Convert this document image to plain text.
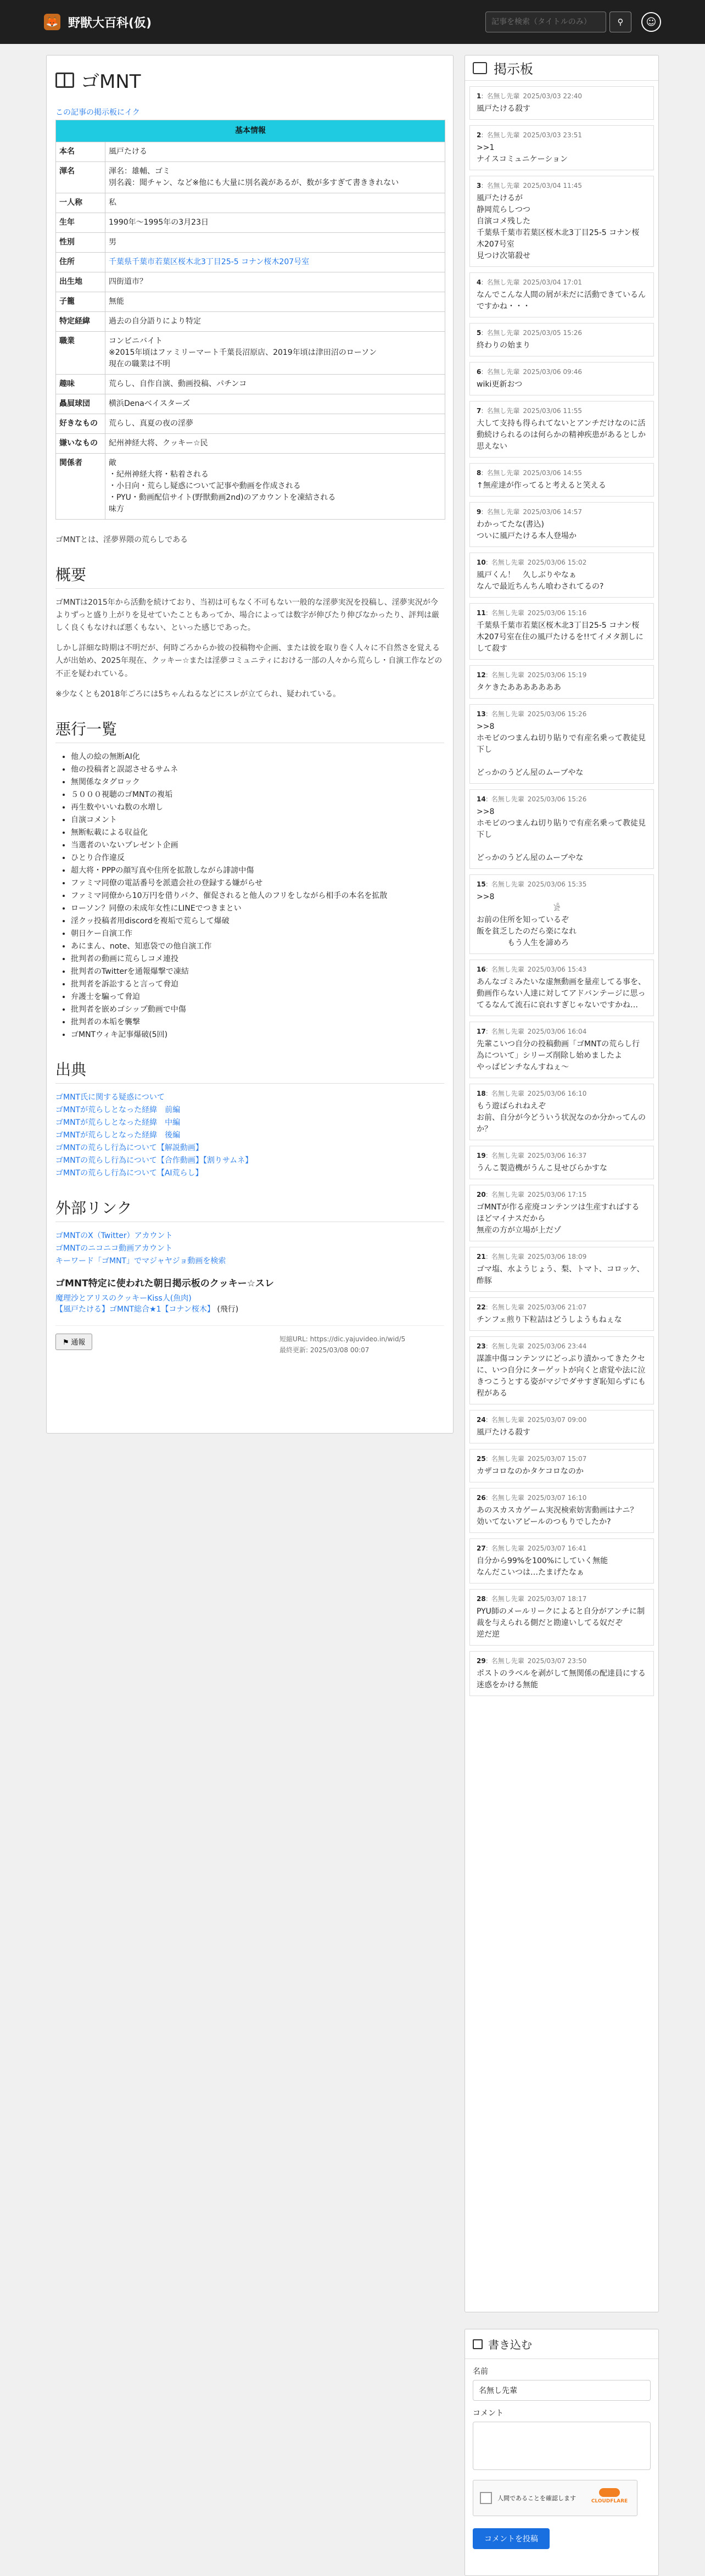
🦊 野獣大百科(仮)
記事を検索（タイトルのみ）	⚲	☺
ゴMNT
この記事の掲示板にイク
基本情報	
本名	風戸たける
渾名	渾名：雄輔、ゴミ
別名義：聞チャン、など※他にも大量に別名義があるが、数が多すぎて書ききれない
一人称	私
生年	1990年〜1995年の3月23日
性別	男
住所	千葉県千葉市若葉区桜木北3丁目25-5 コナン桜木207号室
出生地	四街道市？
子籠	無能
特定経緯	過去の自分語りにより特定
職業	コンビニバイト
※2015年頃はファミリーマート千葉長沼原店、2019年頃は津田沼のローソン
現在の職業は不明
趣味	荒らし、自作自演、動画投稿、パチンコ
贔屓球団	横浜Denaベイスターズ
好きなもの	荒らし、真夏の夜の淫夢
嫌いなもの	紀州神経大将、クッキー☆民
関係者	敵
・紀州神経大将・粘着される
・小日向・荒らし疑惑について記事や動画を作成される
・PYU・動画配信サイト(野獣動画2nd)のアカウントを凍結される
味方
ゴMNTとは、淫夢界隈の荒らしである
概要
ゴMNTは2015年から活動を続けており、当初は可もなく不可もない一般的な淫夢実況を投稿し、淫夢実況が今よりずっと盛り上がりを見せていたこともあってか、場合によっては数字が伸びたり伸びなかったり、評判は厳しく良くもなければ悪くもない、といった感じであった。
しかし詳細な時期は不明だが、何時ごろからか彼の投稿物や企画、または彼を取り巻く人々に不自然さを覚える人が出始め、2025年現在、クッキー☆または淫夢コミュニティにおける一部の人々から荒らし・自演工作などの不正を疑われている。
※少なくとも2018年ごろには5ちゃんねるなどにスレが立てられ、疑われている。
悪行一覧
• 他人の絵の無断AI化
• 他の投稿者と誤認させるサムネ
• 無関係なタグロック
• ５０００視聴のゴMNTの複垢
• 再生数やいいね数の水増し
• 自演コメント
• 無断転載による収益化
• 当選者のいないプレゼント企画
• ひとり合作違反
• 超大将・PPPの顔写真や住所を拡散しながら誹謗中傷
• ファミマ同僚の電話番号を派遣会社の登録する嫌がらせ
• ファミマ同僚から10万円を借りパク、催促されると他人のフリをしながら相手の本名を拡散
• ローソン？同僚の未成年女性にLINEでつきまとい
• 淫クッ投稿者用discordを複垢で荒らして爆破
• 朝日ケー自演工作
• あにまん、note、知恵袋での他自演工作
• 批判者の動画に荒らしコメ連投
• 批判者のTwitterを通報爆撃で凍結
• 批判者を訴訟すると言って脅迫
• 弁護士を騙って脅迫
• 批判者を嵌めゴシップ動画で中傷
• 批判者の本垢を襲撃
• ゴMNTウィキ記事爆破(5回)
出典
ゴMNT氏に関する疑惑について
ゴMNTが荒らしとなった経緯　前編
ゴMNTが荒らしとなった経緯　中編
ゴMNTが荒らしとなった経緯　後編
ゴMNTの荒らし行為について【解説動画】
ゴMNTの荒らし行為について【合作動画】【割りサムネ】
ゴMNTの荒らし行為について【AI荒らし】
外部リンク
ゴMNTのX（Twitter）アカウント
ゴMNTのニコニコ動画アカウント
キーワード「ゴMNT」でマジャヤジョ動画を検索
ゴMNT特定に使われた朝日掲示板のクッキー☆スレ
魔理沙とアリスのクッキーKiss人(魚肉)
【風戸たける】ゴMNT総合★1【コナン桜木】 (飛行)
⚑ 通報	短縮URL: https://dic.yajuvideo.in/wid/5
最終更新: 2025/03/08 00:07
掲示板
1: 名無し先輩 2025/03/03 22:40
風戸たける殺す
2: 名無し先輩 2025/03/03 23:51
>>1
ナイスコミュニケーション
3: 名無し先輩 2025/03/04 11:45
風戸たけるが
静岡荒らしつつ
自演コメ残した
千葉県千葉市若葉区桜木北3丁目25-5 コナン桜木207号室
見つけ次第殺せ
4: 名無し先輩 2025/03/04 17:01
なんでこんな人間の屑が未だに活動できているんですかね・・・
5: 名無し先輩 2025/03/05 15:26
終わりの始まり
6: 名無し先輩 2025/03/06 09:46
wiki更新おつ
7: 名無し先輩 2025/03/06 11:55
大して支持も得られてないとアンチだけなのに活動続けられるのは何らかの精神疾患があるとしか思えない
8: 名無し先輩 2025/03/06 14:55
↑無産達が作ってると考えると笑える
9: 名無し先輩 2025/03/06 14:57
わかってたな(書込)
ついに風戸たける本人登場か
10: 名無し先輩 2025/03/06 15:02
風戸くん！　久しぶりやなぁ
なんで最近ちんちん喰わされてるの?
11: 名無し先輩 2025/03/06 15:16
千葉県千葉市若葉区桜木北3丁目25-5 コナン桜木207号室在住の風戸たけるを!!てイメタ割しにして殺す
12: 名無し先輩 2025/03/06 15:19
タケきたあああああああ
13: 名無し先輩 2025/03/06 15:26
>>8
ホモビのつまんね切り貼りで有産名乗って教徒見下し

どっかのうどん屋のムーブやな
14: 名無し先輩 2025/03/06 15:26
>>8
ホモビのつまんね切り貼りで有産名乗って教徒見下し

どっかのうどん屋のムーブやな
15: 名無し先輩 2025/03/06 15:35
>>8
　　　　　　　　　　𓀀
お前の住所を知っているぞ
飯を貧乏したのだら楽になれ
　　　　もう人生を諦めろ
16: 名無し先輩 2025/03/06 15:43
あんなゴミみたいな虚無動画を量産してる事を、動画作らない人達に対してアドバンテージに思ってるなんて流石に哀れすぎじゃないですかね…
17: 名無し先輩 2025/03/06 16:04
先輩こいつ自分の投稿動画「ゴMNTの荒らし行為について」シリーズ削除し始めましたよ
やっぱピンチなんすねぇ〜
18: 名無し先輩 2025/03/06 16:10
もう遊ばられねえぞ
お前、自分が今どういう状況なのか分かってんのか？
19: 名無し先輩 2025/03/06 16:37
うんこ製造機がうんこ見せびらかすな
20: 名無し先輩 2025/03/06 17:15
ゴMNTが作る産廃コンテンツは生産すればするほどマイナスだから
無産の方が立場が上だゾ
21: 名無し先輩 2025/03/06 18:09
ゴマ塩、水ようじょう、梨、トマト、コロッケ、酢豚
22: 名無し先輩 2025/03/06 21:07
チンフェ煎り下粒詰はどうしようもねぇな
23: 名無し先輩 2025/03/06 23:44
謀誰中傷コンテンツにどっぷり漬かってきたクセに、いつ自分にターゲットが向くと虐覚や法に泣きつこうとする姿がマジでダサすぎ恥知らずにも程がある
24: 名無し先輩 2025/03/07 09:00
風戸たける殺す
25: 名無し先輩 2025/03/07 15:07
カザコロなのかタケコロなのか
26: 名無し先輩 2025/03/07 16:10
あのスカスカゲーム実況検索妨害動画はナニ？
効いてないアピールのつもりでしたか?
27: 名無し先輩 2025/03/07 16:41
自分から99%を100%にしていく無能
なんだこいつは…たまげたなぁ
28: 名無し先輩 2025/03/07 18:17
PYU師のメールリークによると自分がアンチに制裁を与えられる側だと勘違いしてる奴だぞ
逆だ逆
29: 名無し先輩 2025/03/07 23:50
ポストのラベルを剥がして無関係の配達員にする迷惑をかける無能
書き込む
名前
名無し先輩
コメント
人間であることを確認します	CLOUDFLARE
コメントを投稿
